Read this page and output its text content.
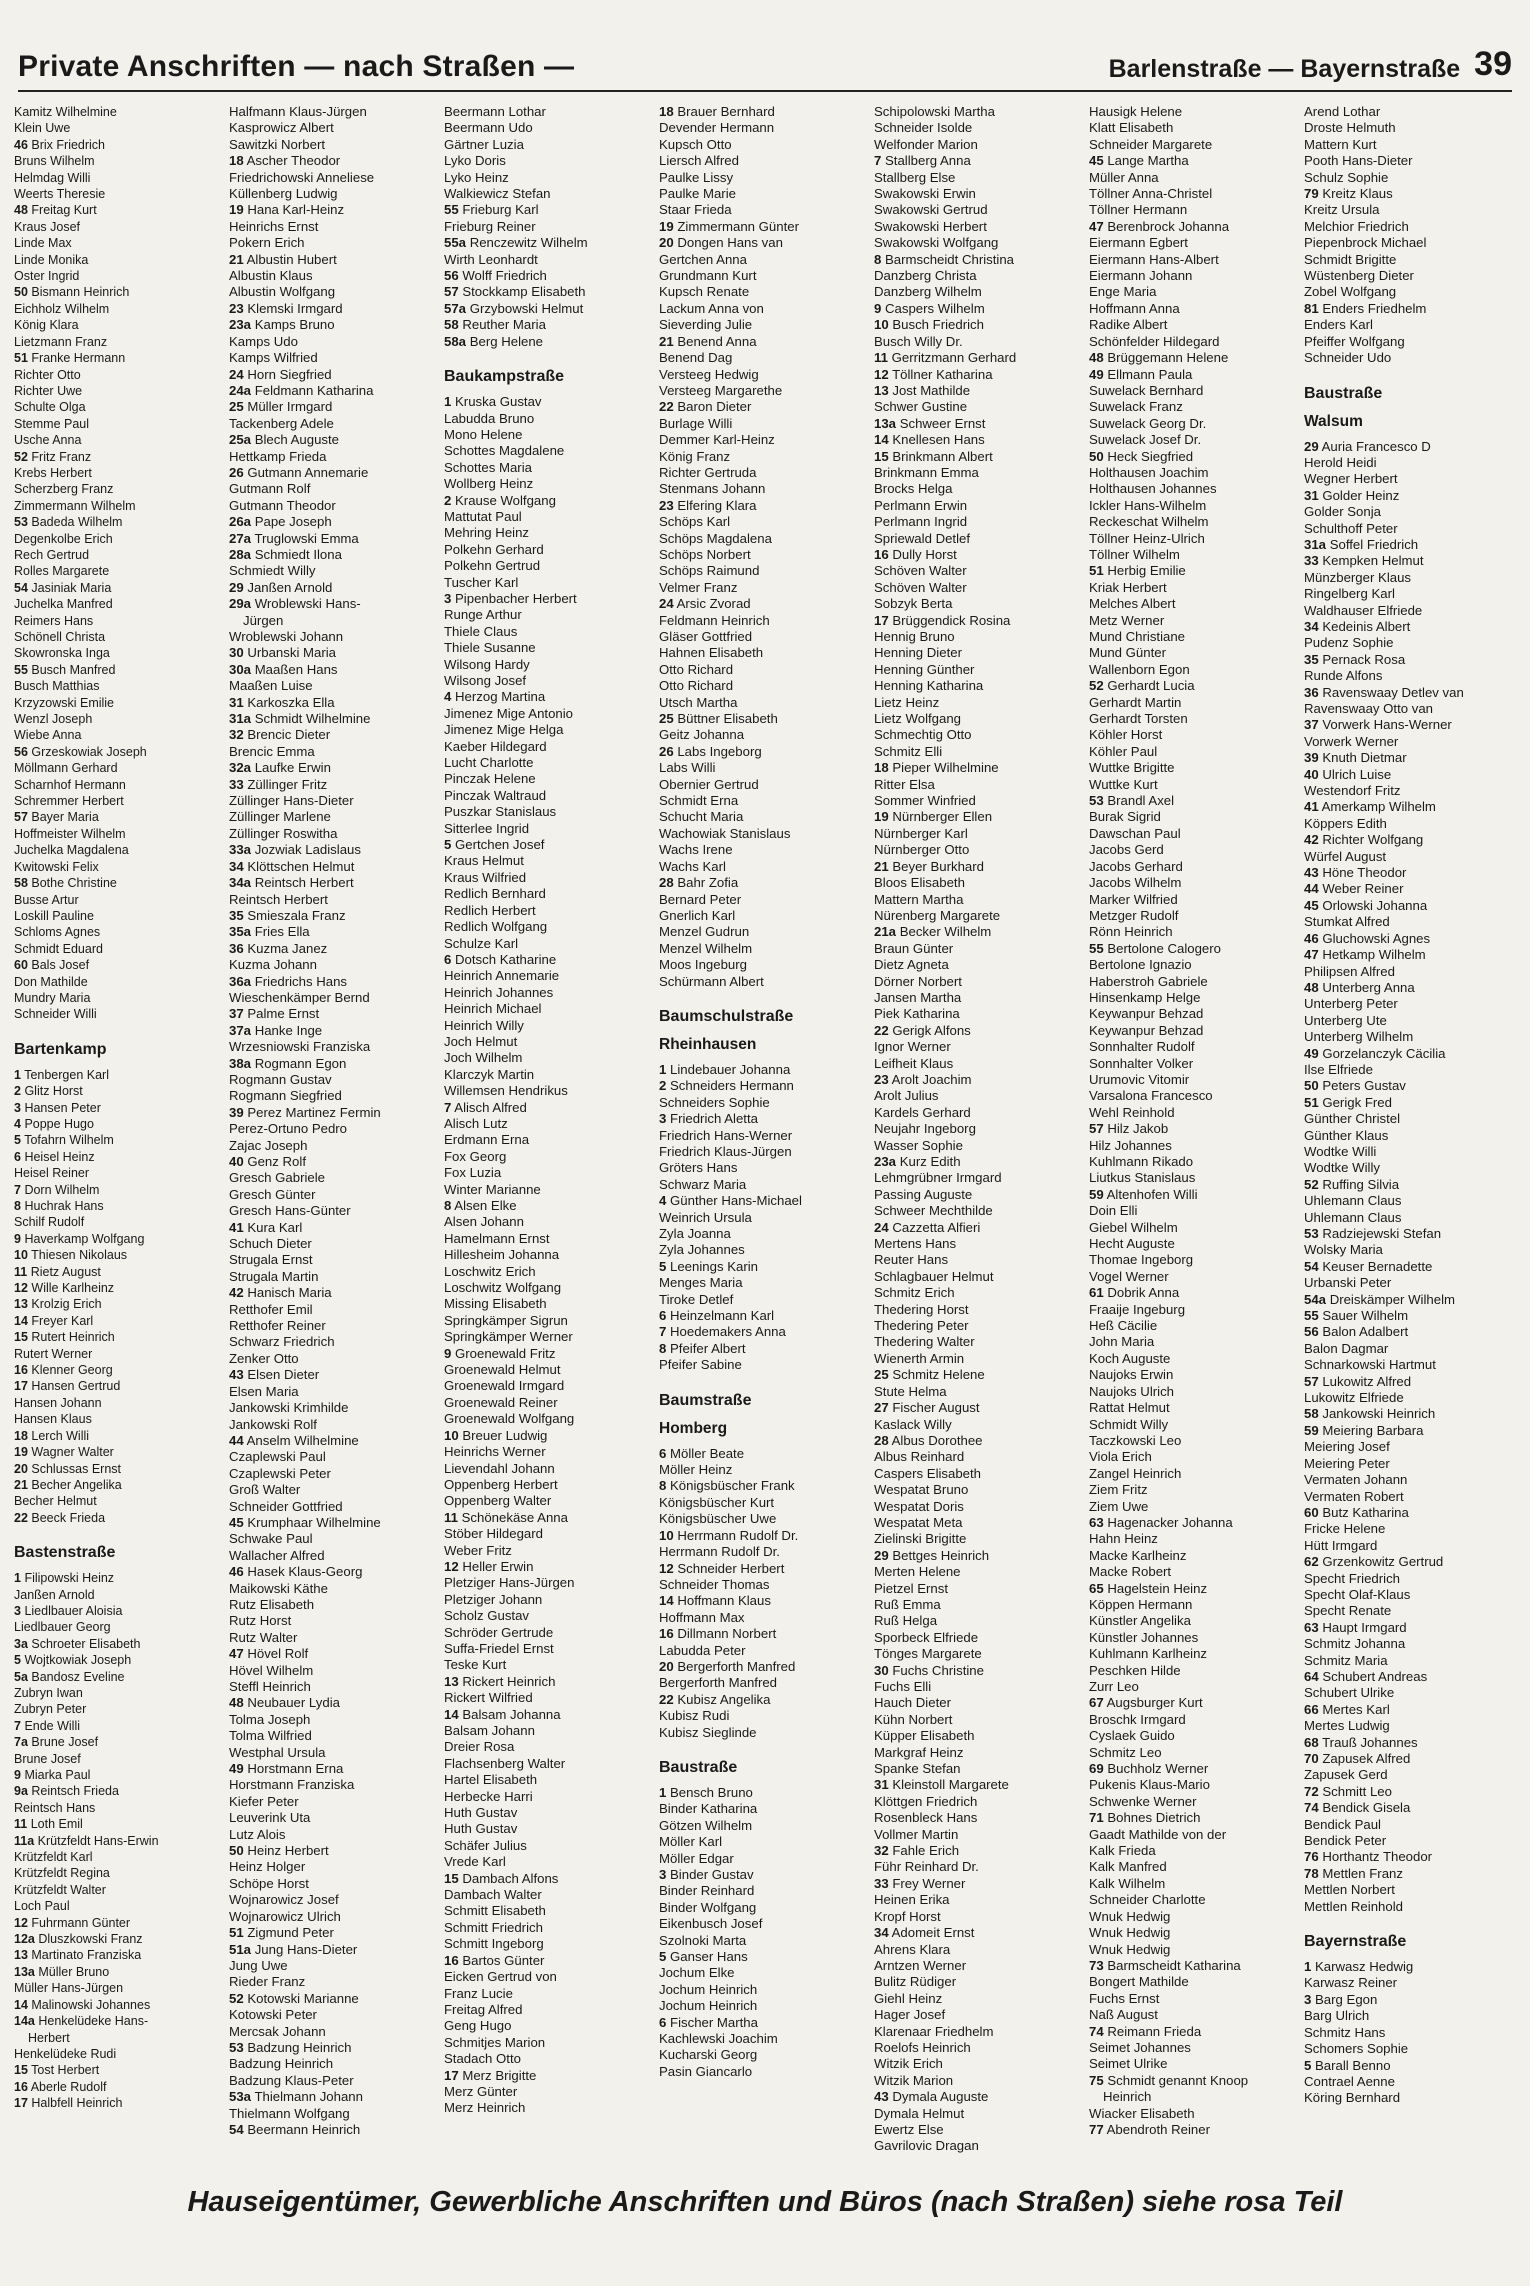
Private Anschriften — nach Straßen —	Barlenstraße — Bayernstraße 39
Kamitz Wilhelmine
Klein Uwe
46 Brix Friedrich
Bruns Wilhelm
Helmdag Willi
Weerts Theresie
48 Freitag Kurt
Kraus Josef
Linde Max
Linde Monika
Oster Ingrid
50 Bismann Heinrich
Eichholz Wilhelm
König Klara
Lietzmann Franz
51 Franke Hermann
Richter Otto
Richter Uwe
Schulte Olga
Stemme Paul
Usche Anna
52 Fritz Franz
Krebs Herbert
Scherzberg Franz
Zimmermann Wilhelm
53 Badeda Wilhelm
Degenkolbe Erich
Rech Gertrud
Rolles Margarete
54 Jasiniak Maria
Juchelka Manfred
Reimers Hans
Schönell Christa
Skowronska Inga
55 Busch Manfred
Busch Matthias
Krzyzowski Emilie
Wenzl Joseph
Wiebe Anna
56 Grzeskowiak Joseph
Möllmann Gerhard
Scharnhof Hermann
Schremmer Herbert
57 Bayer Maria
Hoffmeister Wilhelm
Juchelka Magdalena
Kwitowski Felix
58 Bothe Christine
Busse Artur
Loskill Pauline
Schloms Agnes
Schmidt Eduard
60 Bals Josef
Don Mathilde
Mundry Maria
Schneider Willi
Bartenkamp
1 Tenbergen Karl
2 Glitz Horst
3 Hansen Peter
4 Poppe Hugo
5 Tofahrn Wilhelm
6 Heisel Heinz
Heisel Reiner
7 Dorn Wilhelm
8 Huchrak Hans
Schilf Rudolf
9 Haverkamp Wolfgang
10 Thiesen Nikolaus
11 Rietz August
12 Wille Karlheinz
13 Krolzig Erich
14 Freyer Karl
15 Rutert Heinrich
Rutert Werner
16 Klenner Georg
17 Hansen Gertrud
Hansen Johann
Hansen Klaus
18 Lerch Willi
19 Wagner Walter
20 Schlussas Ernst
21 Becher Angelika
Becher Helmut
22 Beeck Frieda
Bastenstraße
1 Filipowski Heinz
Janßen Arnold
3 Liedlbauer Aloisia
Liedlbauer Georg
3a Schroeter Elisabeth
5 Wojtkowiak Joseph
5a Bandosz Eveline
Zubryn Iwan
Zubryn Peter
7 Ende Willi
7a Brune Josef
Brune Josef
9 Miarka Paul
9a Reintsch Frieda
Reintsch Hans
11 Loth Emil
11a Krützfeldt Hans-Erwin
Krützfeldt Karl
Krützfeldt Regina
Krützfeldt Walter
Loch Paul
12 Fuhrmann Günter
12a Dluszkowski Franz
13 Martinato Franziska
13a Müller Bruno
Müller Hans-Jürgen
14 Malinowski Johannes
14a Henkelüdeke Hans-
Herbert
Henkelüdeke Rudi
15 Tost Herbert
16 Aberle Rudolf
17 Halbfell Heinrich
Halfmann Klaus-Jürgen
Kasprowicz Albert
Sawitzki Norbert
18 Ascher Theodor
Friedrichowski Anneliese
Küllenberg Ludwig
19 Hana Karl-Heinz
Heinrichs Ernst
Pokern Erich
21 Albustin Hubert
Albustin Klaus
Albustin Wolfgang
23 Klemski Irmgard
23a Kamps Bruno
Kamps Udo
Kamps Wilfried
24 Horn Siegfried
24a Feldmann Katharina
25 Müller Irmgard
Tackenberg Adele
25a Blech Auguste
Hettkamp Frieda
26 Gutmann Annemarie
Gutmann Rolf
Gutmann Theodor
26a Pape Joseph
27a Truglowski Emma
28a Schmiedt Ilona
Schmiedt Willy
29 Janßen Arnold
29a Wroblewski Hans-
Jürgen
Wroblewski Johann
30 Urbanski Maria
30a Maaßen Hans
Maaßen Luise
31 Karkoszka Ella
31a Schmidt Wilhelmine
32 Brencic Dieter
Brencic Emma
32a Laufke Erwin
33 Züllinger Fritz
Züllinger Hans-Dieter
Züllinger Marlene
Züllinger Roswitha
33a Jozwiak Ladislaus
34 Klöttschen Helmut
34a Reintsch Herbert
Reintsch Herbert
35 Smieszala Franz
35a Fries Ella
36 Kuzma Janez
Kuzma Johann
36a Friedrichs Hans
Wieschenkämper Bernd
37 Palme Ernst
37a Hanke Inge
Wrzesniowski Franziska
38a Rogmann Egon
Rogmann Gustav
Rogmann Siegfried
39 Perez Martinez Fermin
Perez-Ortuno Pedro
Zajac Joseph
40 Genz Rolf
Gresch Gabriele
Gresch Günter
Gresch Hans-Günter
41 Kura Karl
Schuch Dieter
Strugala Ernst
Strugala Martin
42 Hanisch Maria
Retthofer Emil
Retthofer Reiner
Schwarz Friedrich
Zenker Otto
43 Elsen Dieter
Elsen Maria
Jankowski Krimhilde
Jankowski Rolf
44 Anselm Wilhelmine
Czaplewski Paul
Czaplewski Peter
Groß Walter
Schneider Gottfried
45 Krumphaar Wilhelmine
Schwake Paul
Wallacher Alfred
46 Hasek Klaus-Georg
Maikowski Käthe
Rutz Elisabeth
Rutz Horst
Rutz Walter
47 Hövel Rolf
Hövel Wilhelm
Steffl Heinrich
48 Neubauer Lydia
Tolma Joseph
Tolma Wilfried
Westphal Ursula
49 Horstmann Erna
Horstmann Franziska
Kiefer Peter
Leuverink Uta
Lutz Alois
50 Heinz Herbert
Heinz Holger
Schöpe Horst
Wojnarowicz Josef
Wojnarowicz Ulrich
51 Zigmund Peter
51a Jung Hans-Dieter
Jung Uwe
Rieder Franz
52 Kotowski Marianne
Kotowski Peter
Mercsak Johann
53 Badzung Heinrich
Badzung Heinrich
Badzung Klaus-Peter
53a Thielmann Johann
Thielmann Wolfgang
54 Beermann Heinrich
Beermann Lothar
Beermann Udo
Gärtner Luzia
Lyko Doris
Lyko Heinz
Walkiewicz Stefan
55 Frieburg Karl
Frieburg Reiner
55a Renczewitz Wilhelm
Wirth Leonhardt
56 Wolff Friedrich
57 Stockkamp Elisabeth
57a Grzybowski Helmut
58 Reuther Maria
58a Berg Helene
Baukampstraße
1 Kruska Gustav
Labudda Bruno
Mono Helene
Schottes Magdalene
Schottes Maria
Wollberg Heinz
2 Krause Wolfgang
Mattutat Paul
Mehring Heinz
Polkehn Gerhard
Polkehn Gertrud
Tuscher Karl
3 Pipenbacher Herbert
Runge Arthur
Thiele Claus
Thiele Susanne
Wilsong Hardy
Wilsong Josef
4 Herzog Martina
Jimenez Mige Antonio
Jimenez Mige Helga
Kaeber Hildegard
Lucht Charlotte
Pinczak Helene
Pinczak Waltraud
Puszkar Stanislaus
Sitterlee Ingrid
5 Gertchen Josef
Kraus Helmut
Kraus Wilfried
Redlich Bernhard
Redlich Herbert
Redlich Wolfgang
Schulze Karl
6 Dotsch Katharine
Heinrich Annemarie
Heinrich Johannes
Heinrich Michael
Heinrich Willy
Joch Helmut
Joch Wilhelm
Klarczyk Martin
Willemsen Hendrikus
7 Alisch Alfred
Alisch Lutz
Erdmann Erna
Fox Georg
Fox Luzia
Winter Marianne
8 Alsen Elke
Alsen Johann
Hamelmann Ernst
Hillesheim Johanna
Loschwitz Erich
Loschwitz Wolfgang
Missing Elisabeth
Springkämper Sigrun
Springkämper Werner
9 Groenewald Fritz
Groenewald Helmut
Groenewald Irmgard
Groenewald Reiner
Groenewald Wolfgang
10 Breuer Ludwig
Heinrichs Werner
Lievendahl Johann
Oppenberg Herbert
Oppenberg Walter
11 Schönekäse Anna
Stöber Hildegard
Weber Fritz
12 Heller Erwin
Pletziger Hans-Jürgen
Pletziger Johann
Scholz Gustav
Schröder Gertrude
Suffa-Friedel Ernst
Teske Kurt
13 Rickert Heinrich
Rickert Wilfried
14 Balsam Johanna
Balsam Johann
Dreier Rosa
Flachsenberg Walter
Hartel Elisabeth
Herbecke Harri
Huth Gustav
Huth Gustav
Schäfer Julius
Vrede Karl
15 Dambach Alfons
Dambach Walter
Schmitt Elisabeth
Schmitt Friedrich
Schmitt Ingeborg
16 Bartos Günter
Eicken Gertrud von
Franz Lucie
Freitag Alfred
Geng Hugo
Schmitjes Marion
Stadach Otto
17 Merz Brigitte
Merz Günter
Merz Heinrich
18 Brauer Bernhard
Devender Hermann
Kupsch Otto
Liersch Alfred
Paulke Lissy
Paulke Marie
Staar Frieda
19 Zimmermann Günter
20 Dongen Hans van
Gertchen Anna
Grundmann Kurt
Kupsch Renate
Lackum Anna von
Sieverding Julie
21 Benend Anna
Benend Dag
Versteeg Hedwig
Versteeg Margarethe
22 Baron Dieter
Burlage Willi
Demmer Karl-Heinz
König Franz
Richter Gertruda
Stenmans Johann
23 Elfering Klara
Schöps Karl
Schöps Magdalena
Schöps Norbert
Schöps Raimund
Velmer Franz
24 Arsic Zvorad
Feldmann Heinrich
Gläser Gottfried
Hahnen Elisabeth
Otto Richard
Otto Richard
Utsch Martha
25 Büttner Elisabeth
Geitz Johanna
26 Labs Ingeborg
Labs Willi
Obernier Gertrud
Schmidt Erna
Schucht Maria
Wachowiak Stanislaus
Wachs Irene
Wachs Karl
28 Bahr Zofia
Bernard Peter
Gnerlich Karl
Menzel Gudrun
Menzel Wilhelm
Moos Ingeburg
Schürmann Albert
Baumschulstraße
Rheinhausen
1 Lindebauer Johanna
2 Schneiders Hermann
Schneiders Sophie
3 Friedrich Aletta
Friedrich Hans-Werner
Friedrich Klaus-Jürgen
Gröters Hans
Schwarz Maria
4 Günther Hans-Michael
Weinrich Ursula
Zyla Joanna
Zyla Johannes
5 Leenings Karin
Menges Maria
Tiroke Detlef
6 Heinzelmann Karl
7 Hoedemakers Anna
8 Pfeifer Albert
Pfeifer Sabine
Baumstraße
Homberg
6 Möller Beate
Möller Heinz
8 Königsbüscher Frank
Königsbüscher Kurt
Königsbüscher Uwe
10 Herrmann Rudolf Dr.
Herrmann Rudolf Dr.
12 Schneider Herbert
Schneider Thomas
14 Hoffmann Klaus
Hoffmann Max
16 Dillmann Norbert
Labudda Peter
20 Bergerforth Manfred
Bergerforth Manfred
22 Kubisz Angelika
Kubisz Rudi
Kubisz Sieglinde
Baustraße
1 Bensch Bruno
Binder Katharina
Götzen Wilhelm
Möller Karl
Möller Edgar
3 Binder Gustav
Binder Reinhard
Binder Wolfgang
Eikenbusch Josef
Szolnoki Marta
5 Ganser Hans
Jochum Elke
Jochum Heinrich
Jochum Heinrich
6 Fischer Martha
Kachlewski Joachim
Kucharski Georg
Pasin Giancarlo
Schipolowski Martha
Schneider Isolde
Welfonder Marion
7 Stallberg Anna
Stallberg Else
Swakowski Erwin
Swakowski Gertrud
Swakowski Herbert
Swakowski Wolfgang
8 Barmscheidt Christina
Danzberg Christa
Danzberg Wilhelm
9 Caspers Wilhelm
10 Busch Friedrich
Busch Willy Dr.
11 Gerritzmann Gerhard
12 Töllner Katharina
13 Jost Mathilde
Schwer Gustine
13a Schweer Ernst
14 Knellesen Hans
15 Brinkmann Albert
Brinkmann Emma
Brocks Helga
Perlmann Erwin
Perlmann Ingrid
Spriewald Detlef
16 Dully Horst
Schöven Walter
Schöven Walter
Sobzyk Berta
17 Brüggendick Rosina
Hennig Bruno
Henning Dieter
Henning Günther
Henning Katharina
Lietz Heinz
Lietz Wolfgang
Schmechtig Otto
Schmitz Elli
18 Pieper Wilhelmine
Ritter Elsa
Sommer Winfried
19 Nürnberger Ellen
Nürnberger Karl
Nürnberger Otto
21 Beyer Burkhard
Bloos Elisabeth
Mattern Martha
Nürenberg Margarete
21a Becker Wilhelm
Braun Günter
Dietz Agneta
Dörner Norbert
Jansen Martha
Piek Katharina
22 Gerigk Alfons
Ignor Werner
Leifheit Klaus
23 Arolt Joachim
Arolt Julius
Kardels Gerhard
Neujahr Ingeborg
Wasser Sophie
23a Kurz Edith
Lehmgrübner Irmgard
Passing Auguste
Schweer Mechthilde
24 Cazzetta Alfieri
Mertens Hans
Reuter Hans
Schlagbauer Helmut
Schmitz Erich
Thedering Horst
Thedering Peter
Thedering Walter
Wienerth Armin
25 Schmitz Helene
Stute Helma
27 Fischer August
Kaslack Willy
28 Albus Dorothee
Albus Reinhard
Caspers Elisabeth
Wespatat Bruno
Wespatat Doris
Wespatat Meta
Zielinski Brigitte
29 Bettges Heinrich
Merten Helene
Pietzel Ernst
Ruß Emma
Ruß Helga
Sporbeck Elfriede
Tönges Margarete
30 Fuchs Christine
Fuchs Elli
Hauch Dieter
Kühn Norbert
Küpper Elisabeth
Markgraf Heinz
Spanke Stefan
31 Kleinstoll Margarete
Klöttgen Friedrich
Rosenbleck Hans
Vollmer Martin
32 Fahle Erich
Führ Reinhard Dr.
33 Frey Werner
Heinen Erika
Kropf Horst
34 Adomeit Ernst
Ahrens Klara
Arntzen Werner
Bulitz Rüdiger
Giehl Heinz
Hager Josef
Klarenaar Friedhelm
Roelofs Heinrich
Witzik Erich
Witzik Marion
43 Dymala Auguste
Dymala Helmut
Ewertz Else
Gavrilovic Dragan
Hausigk Helene
Klatt Elisabeth
Schneider Margarete
45 Lange Martha
Müller Anna
Töllner Anna-Christel
Töllner Hermann
47 Berenbrock Johanna
Eiermann Egbert
Eiermann Hans-Albert
Eiermann Johann
Enge Maria
Hoffmann Anna
Radike Albert
Schönfelder Hildegard
48 Brüggemann Helene
49 Ellmann Paula
Suwelack Bernhard
Suwelack Franz
Suwelack Georg Dr.
Suwelack Josef Dr.
50 Heck Siegfried
Holthausen Joachim
Holthausen Johannes
Ickler Hans-Wilhelm
Reckeschat Wilhelm
Töllner Heinz-Ulrich
Töllner Wilhelm
51 Herbig Emilie
Kriak Herbert
Melches Albert
Metz Werner
Mund Christiane
Mund Günter
Wallenborn Egon
52 Gerhardt Lucia
Gerhardt Martin
Gerhardt Torsten
Köhler Horst
Köhler Paul
Wuttke Brigitte
Wuttke Kurt
53 Brandl Axel
Burak Sigrid
Dawschan Paul
Jacobs Gerd
Jacobs Gerhard
Jacobs Wilhelm
Marker Wilfried
Metzger Rudolf
Rönn Heinrich
55 Bertolone Calogero
Bertolone Ignazio
Haberstroh Gabriele
Hinsenkamp Helge
Keywanpur Behzad
Keywanpur Behzad
Sonnhalter Rudolf
Sonnhalter Volker
Urumovic Vitomir
Varsalona Francesco
Wehl Reinhold
57 Hilz Jakob
Hilz Johannes
Kuhlmann Rikado
Liutkus Stanislaus
59 Altenhofen Willi
Doin Elli
Giebel Wilhelm
Hecht Auguste
Thomae Ingeborg
Vogel Werner
61 Dobrik Anna
Fraaije Ingeburg
Heß Cäcilie
John Maria
Koch Auguste
Naujoks Erwin
Naujoks Ulrich
Rattat Helmut
Schmidt Willy
Taczkowski Leo
Viola Erich
Zangel Heinrich
Ziem Fritz
Ziem Uwe
63 Hagenacker Johanna
Hahn Heinz
Macke Karlheinz
Macke Robert
65 Hagelstein Heinz
Köppen Hermann
Künstler Angelika
Künstler Johannes
Kuhlmann Karlheinz
Peschken Hilde
Zurr Leo
67 Augsburger Kurt
Broschk Irmgard
Cyslaek Guido
Schmitz Leo
69 Buchholz Werner
Pukenis Klaus-Mario
Schwenke Werner
71 Bohnes Dietrich
Gaadt Mathilde von der
Kalk Frieda
Kalk Manfred
Kalk Wilhelm
Schneider Charlotte
Wnuk Hedwig
Wnuk Hedwig
Wnuk Hedwig
73 Barmscheidt Katharina
Bongert Mathilde
Fuchs Ernst
Naß August
74 Reimann Frieda
Seimet Johannes
Seimet Ulrike
75 Schmidt genannt Knoop
Heinrich
Wiacker Elisabeth
77 Abendroth Reiner
Arend Lothar
Droste Helmuth
Mattern Kurt
Pooth Hans-Dieter
Schulz Sophie
79 Kreitz Klaus
Kreitz Ursula
Melchior Friedrich
Piepenbrock Michael
Schmidt Brigitte
Wüstenberg Dieter
Zobel Wolfgang
81 Enders Friedhelm
Enders Karl
Pfeiffer Wolfgang
Schneider Udo
Baustraße
Walsum
29 Auria Francesco D
Herold Heidi
Wegner Herbert
31 Golder Heinz
Golder Sonja
Schulthoff Peter
31a Soffel Friedrich
33 Kempken Helmut
Münzberger Klaus
Ringelberg Karl
Waldhauser Elfriede
34 Kedeinis Albert
Pudenz Sophie
35 Pernack Rosa
Runde Alfons
36 Ravenswaay Detlev van
Ravenswaay Otto van
37 Vorwerk Hans-Werner
Vorwerk Werner
39 Knuth Dietmar
40 Ulrich Luise
Westendorf Fritz
41 Amerkamp Wilhelm
Köppers Edith
42 Richter Wolfgang
Würfel August
43 Höne Theodor
44 Weber Reiner
45 Orlowski Johanna
Stumkat Alfred
46 Gluchowski Agnes
47 Hetkamp Wilhelm
Philipsen Alfred
48 Unterberg Anna
Unterberg Peter
Unterberg Ute
Unterberg Wilhelm
49 Gorzelanczyk Cäcilia
Ilse Elfriede
50 Peters Gustav
51 Gerigk Fred
Günther Christel
Günther Klaus
Wodtke Willi
Wodtke Willy
52 Ruffing Silvia
Uhlemann Claus
Uhlemann Claus
53 Radziejewski Stefan
Wolsky Maria
54 Keuser Bernadette
Urbanski Peter
54a Dreiskämper Wilhelm
55 Sauer Wilhelm
56 Balon Adalbert
Balon Dagmar
Schnarkowski Hartmut
57 Lukowitz Alfred
Lukowitz Elfriede
58 Jankowski Heinrich
59 Meiering Barbara
Meiering Josef
Meiering Peter
Vermaten Johann
Vermaten Robert
60 Butz Katharina
Fricke Helene
Hütt Irmgard
62 Grzenkowitz Gertrud
Specht Friedrich
Specht Olaf-Klaus
Specht Renate
63 Haupt Irmgard
Schmitz Johanna
Schmitz Maria
64 Schubert Andreas
Schubert Ulrike
66 Mertes Karl
Mertes Ludwig
68 Trauß Johannes
70 Zapusek Alfred
Zapusek Gerd
72 Schmitt Leo
74 Bendick Gisela
Bendick Paul
Bendick Peter
76 Horthantz Theodor
78 Mettlen Franz
Mettlen Norbert
Mettlen Reinhold
Bayernstraße
1 Karwasz Hedwig
Karwasz Reiner
3 Barg Egon
Barg Ulrich
Schmitz Hans
Schomers Sophie
5 Barall Benno
Contrael Aenne
Köring Bernhard
Hauseigentümer, Gewerbliche Anschriften und Büros (nach Straßen) siehe rosa Teil
